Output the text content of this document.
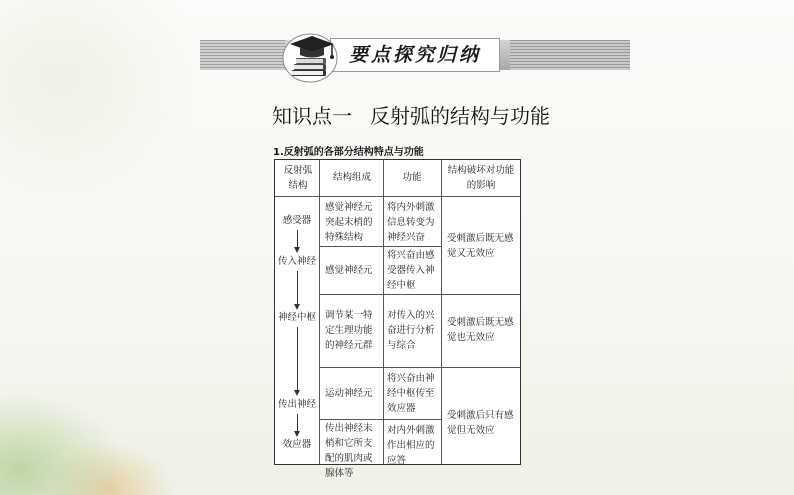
要点探究归纳
知识点一 反射弧的结构与功能
1.反射弧的各部分结构特点与功能
反射弧结构
结构组成	功能
结构破坏对功能的影响
感受器
传入神经
神经中枢
传出神经
效应器
感觉神经元突起末梢的特殊结构
感觉神经元
调节某一特定生理功能的神经元群
运动神经元
传出神经末梢和它所支配的肌肉或腺体等
将内外刺激信息转变为神经兴奋
将兴奋由感受器传入神经中枢
对传入的兴奋进行分析与综合
将兴奋由神经中枢传至效应器
对内外刺激作出相应的应答
受刺激后既无感觉又无效应
受刺激后既无感觉也无效应
受刺激后只有感觉但无效应
